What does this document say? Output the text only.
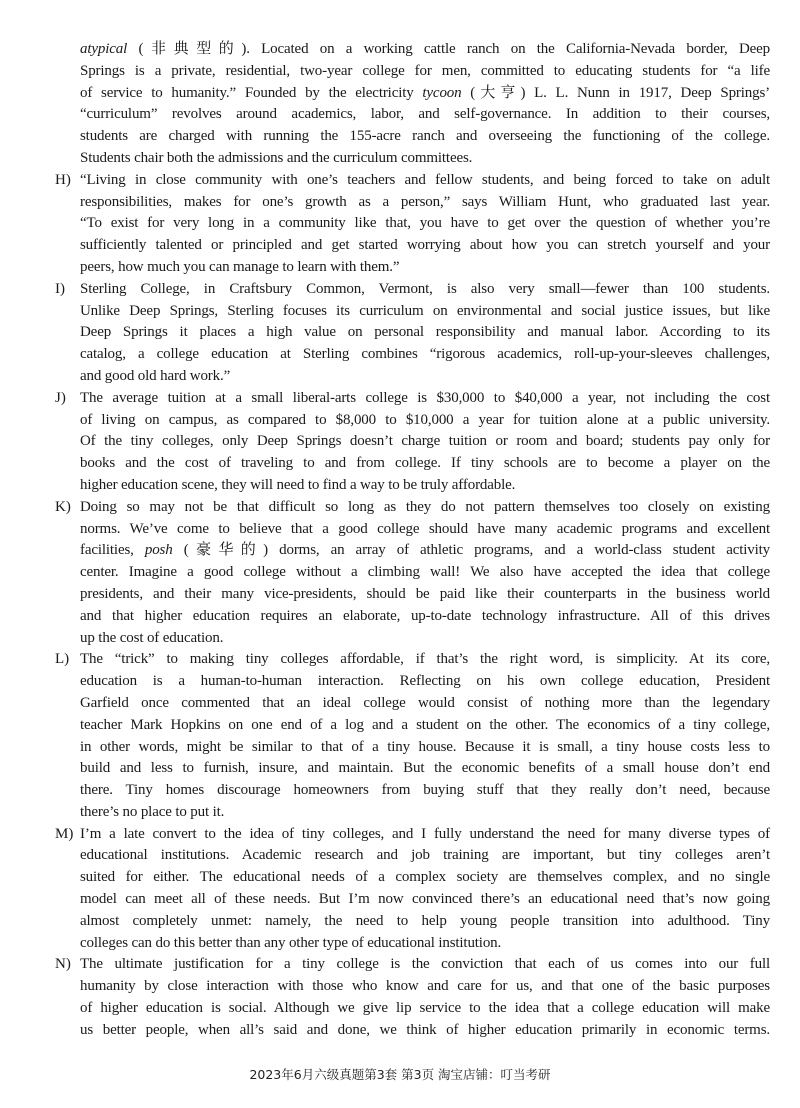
atypical (非典型的). Located on a working cattle ranch on the California-Nevada border, Deep
Springs is a private, residential, two-year college for men, committed to educating students for “a life
of service to humanity.” Founded by the electricity tycoon (大亨) L. L. Nunn in 1917, Deep Springs’
“curriculum” revolves around academics, labor, and self-governance. In addition to their courses,
students are charged with running the 155-acre ranch and overseeing the functioning of the college.
Students chair both the admissions and the curriculum committees.
H) “Living in close community with one’s teachers and fellow students, and being forced to take on adult
responsibilities, makes for one’s growth as a person,” says William Hunt, who graduated last year.
“To exist for very long in a community like that, you have to get over the question of whether you’re
sufficiently talented or principled and get started worrying about how you can stretch yourself and your
peers, how much you can manage to learn with them.”
I) Sterling College, in Craftsbury Common, Vermont, is also very small—fewer than 100 students.
Unlike Deep Springs, Sterling focuses its curriculum on environmental and social justice issues, but like
Deep Springs it places a high value on personal responsibility and manual labor. According to its
catalog, a college education at Sterling combines “rigorous academics, roll-up-your-sleeves challenges,
and good old hard work.”
J) The average tuition at a small liberal-arts college is $30,000 to $40,000 a year, not including the cost
of living on campus, as compared to $8,000 to $10,000 a year for tuition alone at a public university.
Of the tiny colleges, only Deep Springs doesn’t charge tuition or room and board; students pay only for
books and the cost of traveling to and from college. If tiny schools are to become a player on the
higher education scene, they will need to find a way to be truly affordable.
K) Doing so may not be that difficult so long as they do not pattern themselves too closely on existing
norms. We’ve come to believe that a good college should have many academic programs and excellent
facilities, posh (豪华的) dorms, an array of athletic programs, and a world-class student activity
center. Imagine a good college without a climbing wall! We also have accepted the idea that college
presidents, and their many vice-presidents, should be paid like their counterparts in the business world
and that higher education requires an elaborate, up-to-date technology infrastructure. All of this drives
up the cost of education.
L) The “trick” to making tiny colleges affordable, if that’s the right word, is simplicity. At its core,
education is a human-to-human interaction. Reflecting on his own college education, President
Garfield once commented that an ideal college would consist of nothing more than the legendary
teacher Mark Hopkins on one end of a log and a student on the other. The economics of a tiny college,
in other words, might be similar to that of a tiny house. Because it is small, a tiny house costs less to
build and less to furnish, insure, and maintain. But the economic benefits of a small house don’t end
there. Tiny homes discourage homeowners from buying stuff that they really don’t need, because
there’s no place to put it.
M) I’m a late convert to the idea of tiny colleges, and I fully understand the need for many diverse types of
educational institutions. Academic research and job training are important, but tiny colleges aren’t
suited for either. The educational needs of a complex society are themselves complex, and no single
model can meet all of these needs. But I’m now convinced there’s an educational need that’s now going
almost completely unmet: namely, the need to help young people transition into adulthood. Tiny
colleges can do this better than any other type of educational institution.
N) The ultimate justification for a tiny college is the conviction that each of us comes into our full
humanity by close interaction with those who know and care for us, and that one of the basic purposes
of higher education is social. Although we give lip service to the idea that a college education will make
us better people, when all’s said and done, we think of higher education primarily in economic terms.
2023年6月六级真题第3套 第3页 淘宝店铺：叮当考研
